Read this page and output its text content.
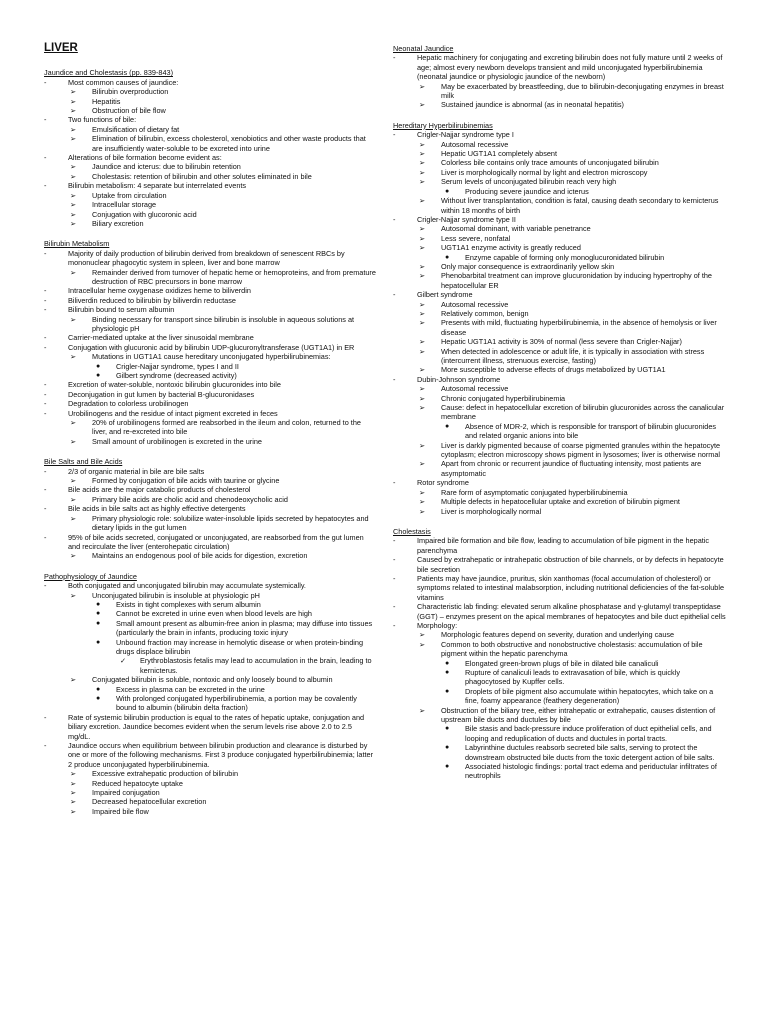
LIVER
Jaundice and Cholestasis (pp. 839-843)
-	Most common causes of jaundice:
➢ Bilirubin overproduction
➢ Hepatitis
➢ Obstruction of bile flow
-	Two functions of bile:
➢ Emulsification of dietary fat
➢ Elimination of bilirubin, excess cholesterol, xenobiotics and other waste products that are insufficiently water-soluble to be excreted into urine
-	Alterations of bile formation become evident as:
➢ Jaundice and icterus: due to bilirubin retention
➢ Cholestasis: retention of bilirubin and other solutes eliminated in bile
-	Bilirubin metabolism: 4 separate but interrelated events
➢ Uptake from circulation
➢ Intracellular storage
➢ Conjugation with glucoronic acid
➢ Biliary excretion
Bilirubin Metabolism
-	Majority of daily production of bilirubin derived from breakdown of senescent RBCs by mononuclear phagocytic system in spleen, liver and bone marrow
➢ Remainder derived from turnover of hepatic heme or hemoproteins, and from premature destruction of RBC precursors in bone marrow
-	Intracellular heme oxygenase oxidizes heme to biliverdin
-	Biliverdin reduced to bilirubin by biliverdin reductase
-	Bilirubin bound to serum albumin
➢ Binding necessary for transport since bilirubin is insoluble in aqueous solutions at physiologic pH
-	Carrier-mediated uptake at the liver sinusoidal membrane
-	Conjugation with glucuronic acid by bilirubin UDP-glucuronyltransferase (UGT1A1) in ER
➢ Mutations in UGT1A1 cause hereditary unconjugated hyperbilirubinemias:
● Crigler-Najjar syndrome, types I and II
● Gilbert syndrome (decreased activity)
-	Excretion of water-soluble, nontoxic bilirubin glucuronides into bile
-	Deconjugation in gut lumen by bacterial B-glucuronidases
-	Degradation to colorless urobilinogen
-	Urobilinogens and the residue of intact pigment excreted in feces
➢ 20% of urobilinogens formed are reabsorbed in the ileum and colon, returned to the liver, and re-excreted into bile
➢ Small amount of urobilinogen is excreted in the urine
Bile Salts and Bile Acids
-	2/3 of organic material in bile are bile salts
➢ Formed by conjugation of bile acids with taurine or glycine
-	Bile acids are the major catabolic products of cholesterol
➢ Primary bile acids are cholic acid and chenodeoxycholic acid
-	Bile acids in bile salts act as highly effective detergents
➢ Primary physiologic role: solubilize water-insoluble lipids secreted by hepatocytes and dietary lipids in the gut lumen
-	95% of bile acids secreted, conjugated or unconjugated, are reabsorbed from the gut lumen and recirculate the liver (enterohepatic circulation)
➢ Maintains an endogenous pool of bile acids for digestion, excretion
Pathophysiology of Jaundice
-	Both conjugated and unconjugated bilirubin may accumulate systemically.
➢ Unconjugated bilirubin is insoluble at physiologic pH
● Exists in tight complexes with serum albumin
● Cannot be excreted in urine even when blood levels are high
● Small amount present as albumin-free anion in plasma; may diffuse into tissues (particularly the brain in infants, producing toxic injury
● Unbound fraction may increase in hemolytic disease or when protein-binding drugs displace bilirubin
✓ Erythroblastosis fetalis may lead to accumulation in the brain, leading to kernicterus.
➢ Conjugated bilirubin is soluble, nontoxic and only loosely bound to albumin
● Excess in plasma can be excreted in the urine
● With prolonged conjugated hyperbilirubinemia, a portion may be covalently bound to albumin (bilirubin delta fraction)
-	Rate of systemic bilirubin production is equal to the rates of hepatic uptake, conjugation and biliary excretion. Jaundice becomes evident when the serum levels rise above 2.0 to 2.5 mg/dL.
-	Jaundice occurs when equilibrium between bilirubin production and clearance is disturbed by one or more of the following mechanisms. First 3 produce conjugated hyperbilirubinemia; latter 2 produce unconjugated hyperbilirubinemia.
➢ Excessive extrahepatic production of bilirubin
➢ Reduced hepatocyte uptake
➢ Impaired conjugation
➢ Decreased hepatocellular excretion
➢ Impaired bile flow
Neonatal Jaundice
-	Hepatic machinery for conjugating and excreting bilirubin does not fully mature until 2 weeks of age; almost every newborn develops transient and mild unconjugated hyperbilirubinemia (neonatal jaundice or physiologic jaundice of the newborn)
➢ May be exacerbated by breastfeeding, due to bilirubin-deconjugating enzymes in breast milk
➢ Sustained jaundice is abnormal (as in neonatal hepatitis)
Hereditary Hyperbilirubinemias
-	Crigler-Najjar syndrome type I
➢ Autosomal recessive
➢ Hepatic UGT1A1 completely absent
➢ Colorless bile contains only trace amounts of unconjugated bilirubin
➢ Liver is morphologically normal by light and electron microscopy
➢ Serum levels of unconjugated bilirubin reach very high
● Producing severe jaundice and icterus
➢ Without liver transplantation, condition is fatal, causing death secondary to kernicterus within 18 months of birth
-	Crigler-Najjar syndrome type II
➢ Autosomal dominant, with variable penetrance
➢ Less severe, nonfatal
➢ UGT1A1 enzyme activity is greatly reduced
● Enzyme capable of forming only monoglucuronidated bilirubin
➢ Only major consequence is extraordinarily yellow skin
➢ Phenobarbital treatment can improve glucuronidation by inducing hypertrophy of the hepatocellular ER
-	Gilbert syndrome
➢ Autosomal recessive
➢ Relatively common, benign
➢ Presents with mild, fluctuating hyperbilirubinemia, in the absence of hemolysis or liver disease
➢ Hepatic UGT1A1 activity is 30% of normal (less severe than Crigler-Najjar)
➢ When detected in adolescence or adult life, it is typically in association with stress (intercurrent illness, strenuous exercise, fasting)
➢ More susceptible to adverse effects of drugs metabolized by UGT1A1
-	Dubin-Johnson syndrome
➢ Autosomal recessive
➢ Chronic conjugated hyperbilirubinemia
➢ Cause: defect in hepatocellular excretion of bilirubin glucuronides across the canalicular membrane
● Absence of MDR-2, which is responsible for transport of bilirubin glucuronides and related organic anions into bile
➢ Liver is darkly pigmented because of coarse pigmented granules within the hepatocyte cytoplasm; electron microscopy shows pigment in lysosomes; liver is otherwise normal
➢ Apart from chronic or recurrent jaundice of fluctuating intensity, most patients are asymptomatic
-	Rotor syndrome
➢ Rare form of asymptomatic conjugated hyperbilirubinemia
➢ Multiple defects in hepatocellular uptake and excretion of bilirubin pigment
➢ Liver is morphologically normal
Cholestasis
-	Impaired bile formation and bile flow, leading to accumulation of bile pigment in the hepatic parenchyma
-	Caused by extrahepatic or intrahepatic obstruction of bile channels, or by defects in hepatocyte bile secretion
-	Patients may have jaundice, pruritus, skin xanthomas (focal accumulation of cholesterol) or symptoms related to intestinal malabsorption, including nutritional deficiencies of the fat-soluble vitamins
-	Characteristic lab finding: elevated serum alkaline phosphatase and γ-glutamyl transpeptidase (GGT) – enzymes present on the apical membranes of hepatocytes and bile duct epithelial cells
-	Morphology:
➢ Morphologic features depend on severity, duration and underlying cause
➢ Common to both obstructive and nonobstructive cholestasis: accumulation of bile pigment within the hepatic parenchyma
● Elongated green-brown plugs of bile in dilated bile canaliculi
● Rupture of canaliculi leads to extravasation of bile, which is quickly phagocytosed by Kupffer cells.
● Droplets of bile pigment also accumulate within hepatocytes, which take on a fine, foamy appearance (feathery degeneration)
➢ Obstruction of the biliary tree, either intrahepatic or extrahepatic, causes distention of upstream bile ducts and ductules by bile
● Bile stasis and back-pressure induce proliferation of duct epithelial cells, and looping and reduplication of ducts and ductules in portal tracts.
● Labyrinthine ductules reabsorb secreted bile salts, serving to protect the downstream obstructed bile ducts from the toxic detergent action of bile salts.
● Associated histologic findings: portal tract edema and periductular infiltrates of neutrophils
